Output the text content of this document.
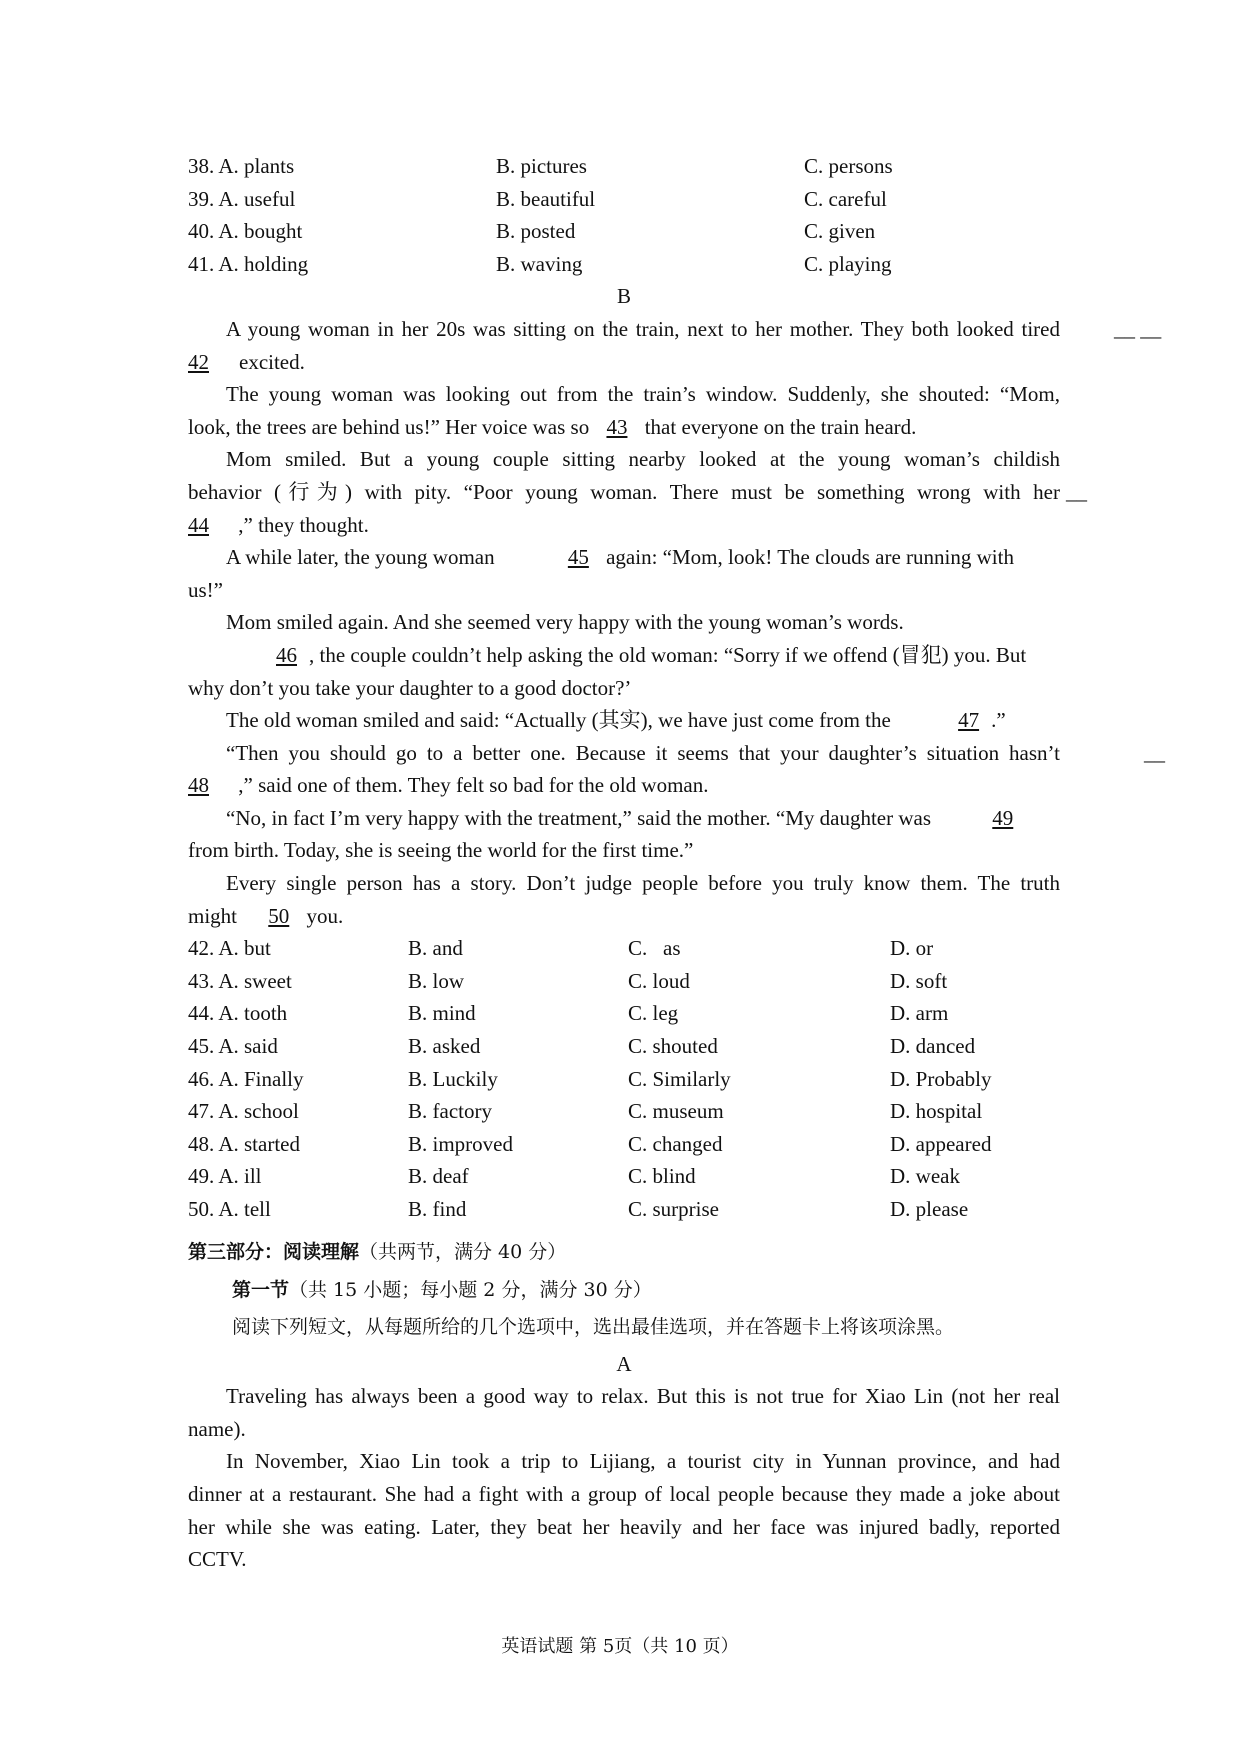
38. A. plants	B. pictures	C. persons
39. A. useful	B. beautiful	C. careful
40. A. bought	B. posted	C. given
41. A. holding	B. waving	C. playing
B
A young woman in her 20s was sitting on the train, next to her mother. They both looked tired	__ __
42 excited.
The young woman was looking out from the train’s window. Suddenly, she shouted: “Mom,
look, the trees are behind us!” Her voice was so 43 that everyone on the train heard.
Mom smiled. But a young couple sitting nearby looked at the young woman’s childish
behavior (行为) with pity. “Poor young woman. There must be something wrong with her __
44 ,” they thought.
A while later, the young woman	45 again: “Mom, look! The clouds are running with
us!”
Mom smiled again. And she seemed very happy with the young woman’s words.
46 , the couple couldn’t help asking the old woman: “Sorry if we offend (冒犯) you. But
why don’t you take your daughter to a good doctor?’
The old woman smiled and said: “Actually (其实), we have just come from the	47 .”
“Then you should go to a better one. Because it seems that your daughter’s situation hasn’t	__
48 ,” said one of them. They felt so bad for the old woman.
“No, in fact I’m very happy with the treatment,” said the mother. “My daughter was	49
from birth. Today, she is seeing the world for the first time.”
Every single person has a story. Don’t judge people before you truly know them. The truth
might 50 you.
42. A. but	B. and	C.   as	D. or
43. A. sweet	B. low	C. loud	D. soft
44. A. tooth	B. mind	C. leg	D. arm
45. A. said	B. asked	C. shouted	D. danced
46. A. Finally	B. Luckily	C. Similarly	D. Probably
47. A. school	B. factory	C. museum	D. hospital
48. A. started	B. improved	C. changed	D. appeared
49. A. ill	B. deaf	C. blind	D. weak
50. A. tell	B. find	C. surprise	D. please
第三部分：阅读理解（共两节，满分 40 分）
第一节（共 15 小题；每小题 2 分，满分 30 分）
阅读下列短文，从每题所给的几个选项中，选出最佳选项，并在答题卡上将该项涂黑。
A
Traveling has always been a good way to relax. But this is not true for Xiao Lin (not her real
name).
In November, Xiao Lin took a trip to Lijiang, a tourist city in Yunnan province, and had
dinner at a restaurant. She had a fight with a group of local people because they made a joke about
her while she was eating. Later, they beat her heavily and her face was injured badly, reported
CCTV.
英语试题 第 5页（共 10 页）
